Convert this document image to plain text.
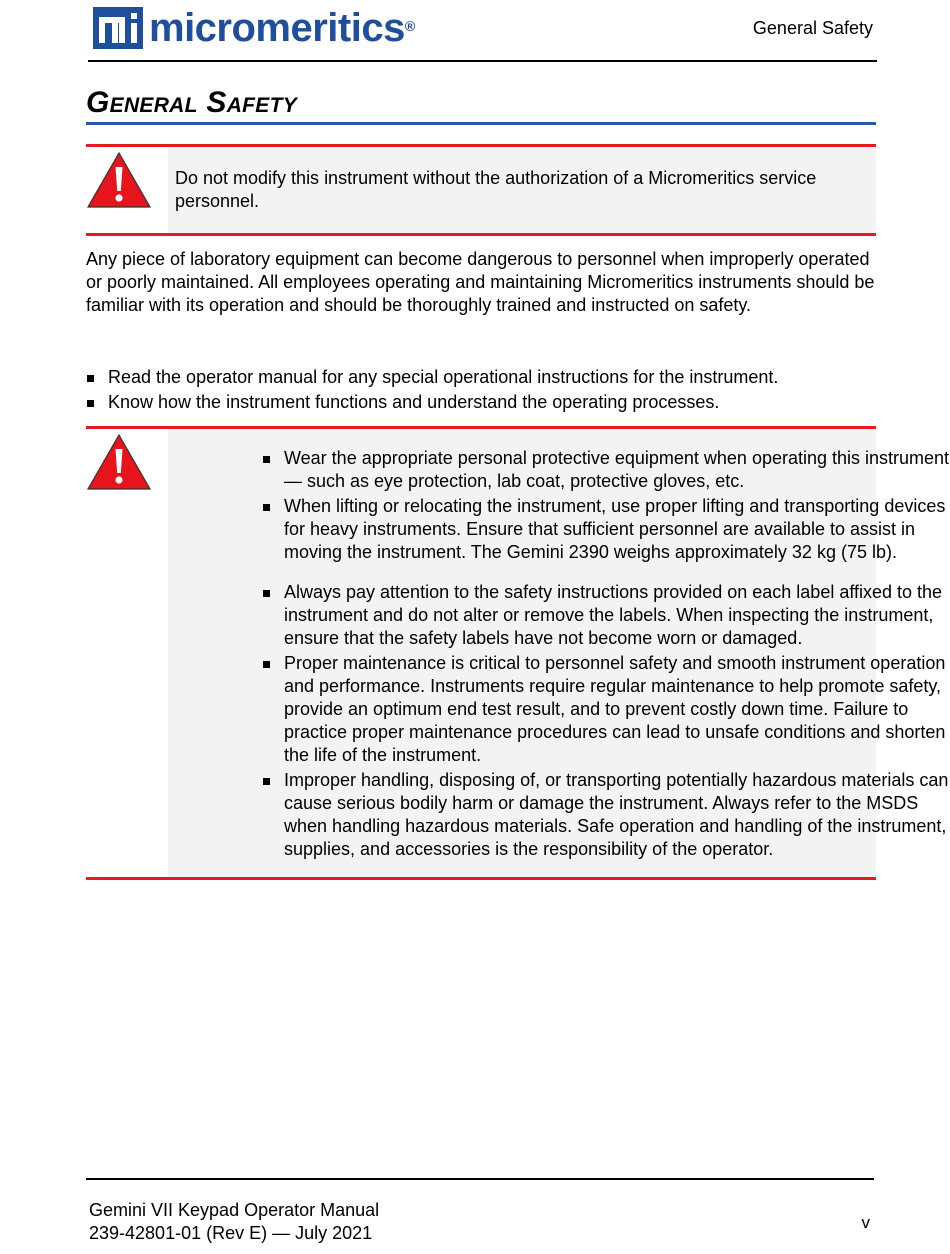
micromeritics®	General Safety
General Safety
Do not modify this instrument without the authorization of a Micromeritics service personnel.
Any piece of laboratory equipment can become dangerous to personnel when improperly operated or poorly maintained. All employees operating and maintaining Micromeritics instruments should be familiar with its operation and should be thoroughly trained and instructed on safety.
Read the operator manual for any special operational instructions for the instrument.
Know how the instrument functions and understand the operating processes.
Wear the appropriate personal protective equipment when operating this instrument — such as eye protection, lab coat, protective gloves, etc.
When lifting or relocating the instrument, use proper lifting and transporting devices for heavy instruments. Ensure that sufficient personnel are available to assist in moving the instrument. The Gemini 2390 weighs approximately 32 kg (75 lb).
Always pay attention to the safety instructions provided on each label affixed to the instrument and do not alter or remove the labels. When inspecting the instrument, ensure that the safety labels have not become worn or damaged.
Proper maintenance is critical to personnel safety and smooth instrument operation and performance. Instruments require regular maintenance to help promote safety, provide an optimum end test result, and to prevent costly down time. Failure to practice proper maintenance procedures can lead to unsafe conditions and shorten the life of the instrument.
Improper handling, disposing of, or transporting potentially hazardous materials can cause serious bodily harm or damage the instrument. Always refer to the MSDS when handling hazardous materials. Safe operation and handling of the instrument, supplies, and accessories is the responsibility of the operator.
Gemini VII Keypad Operator Manual
239-42801-01 (Rev E) — July 2021
v
